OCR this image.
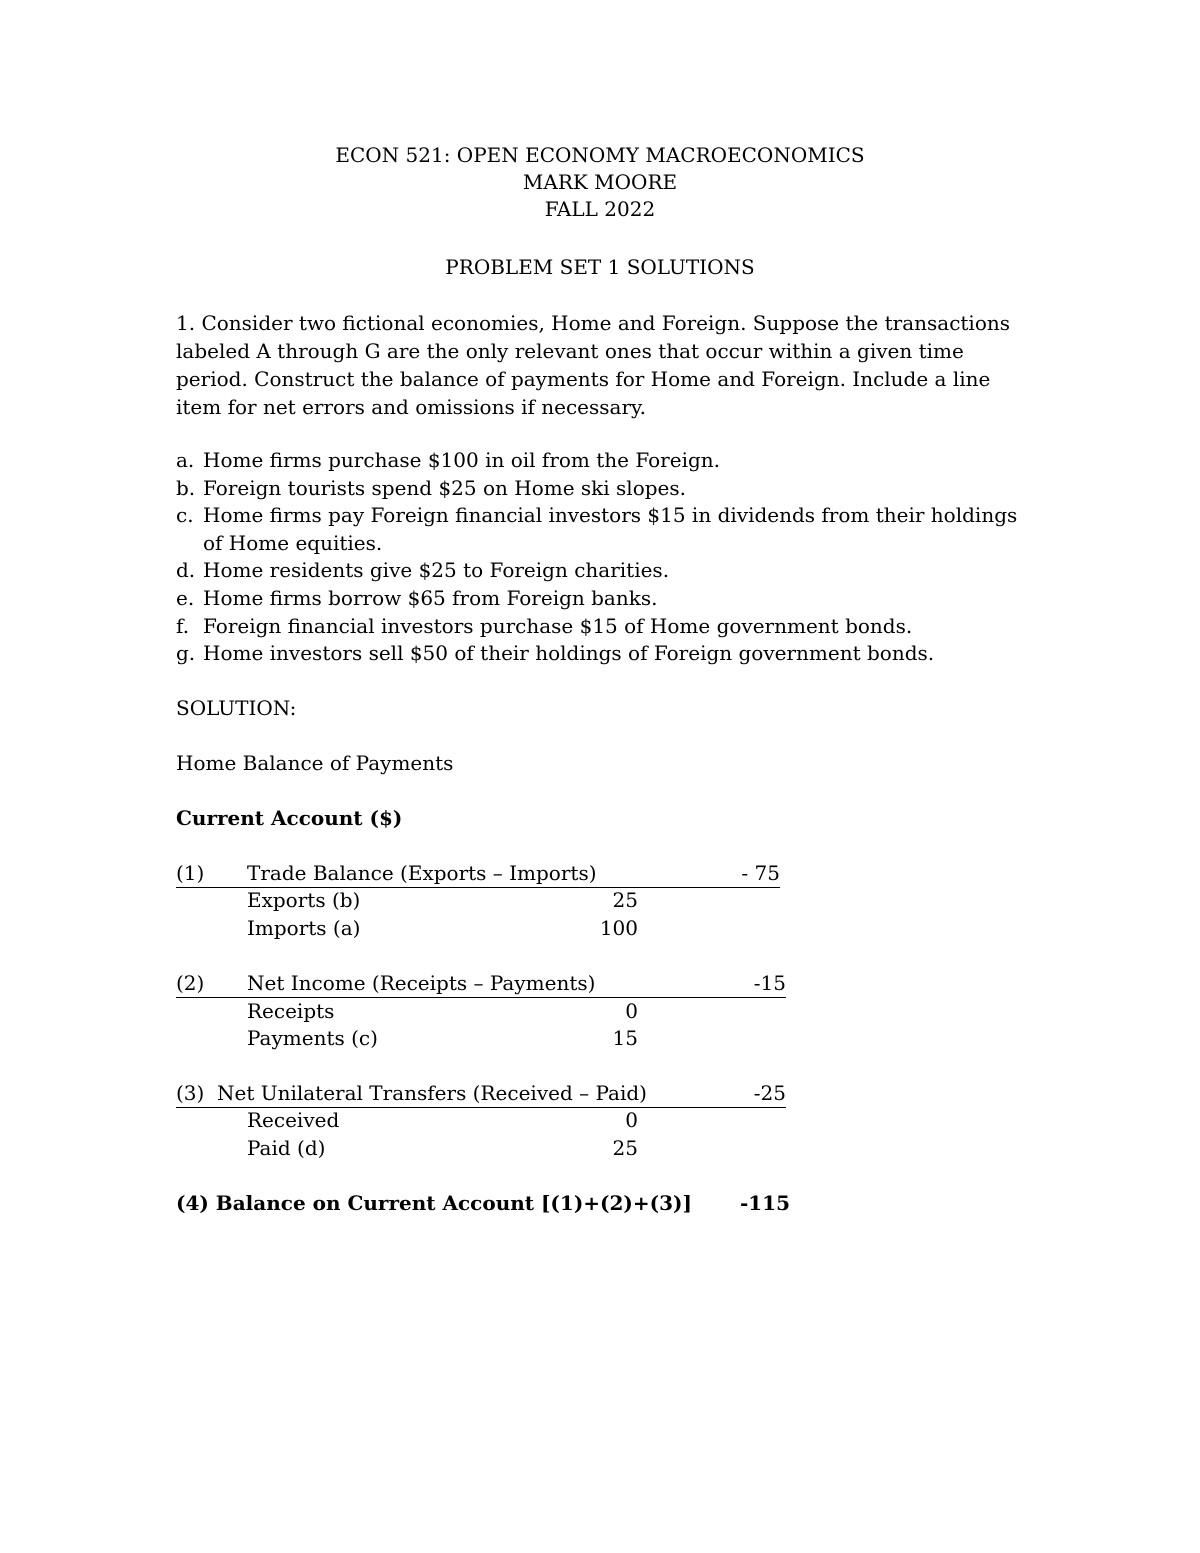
ECON 521: OPEN ECONOMY MACROECONOMICS
MARK MOORE
FALL 2022
PROBLEM SET 1 SOLUTIONS

1. Consider two fictional economies, Home and Foreign. Suppose the transactions labeled A through G are the only relevant ones that occur within a given time period. Construct the balance of payments for Home and Foreign. Include a line item for net errors and omissions if necessary.

a. Home firms purchase $100 in oil from the Foreign.
b. Foreign tourists spend $25 on Home ski slopes.
c. Home firms pay Foreign financial investors $15 in dividends from their holdings of Home equities.
d. Home residents give $25 to Foreign charities.
e. Home firms borrow $65 from Foreign banks.
f. Foreign financial investors purchase $15 of Home government bonds.
g. Home investors sell $50 of their holdings of Foreign government bonds.
SOLUTION:
Home Balance of Payments
Current Account ($)
(1) Trade Balance (Exports – Imports)	- 75
Exports (b)	25
Imports (a)	100
(2) Net Income (Receipts – Payments)	-15
Receipts	0
Payments (c)	15
(3) Net Unilateral Transfers (Received – Paid)	-25
Received	0
Paid (d)	25
(4) Balance on Current Account [(1)+(2)+(3)]	-115
